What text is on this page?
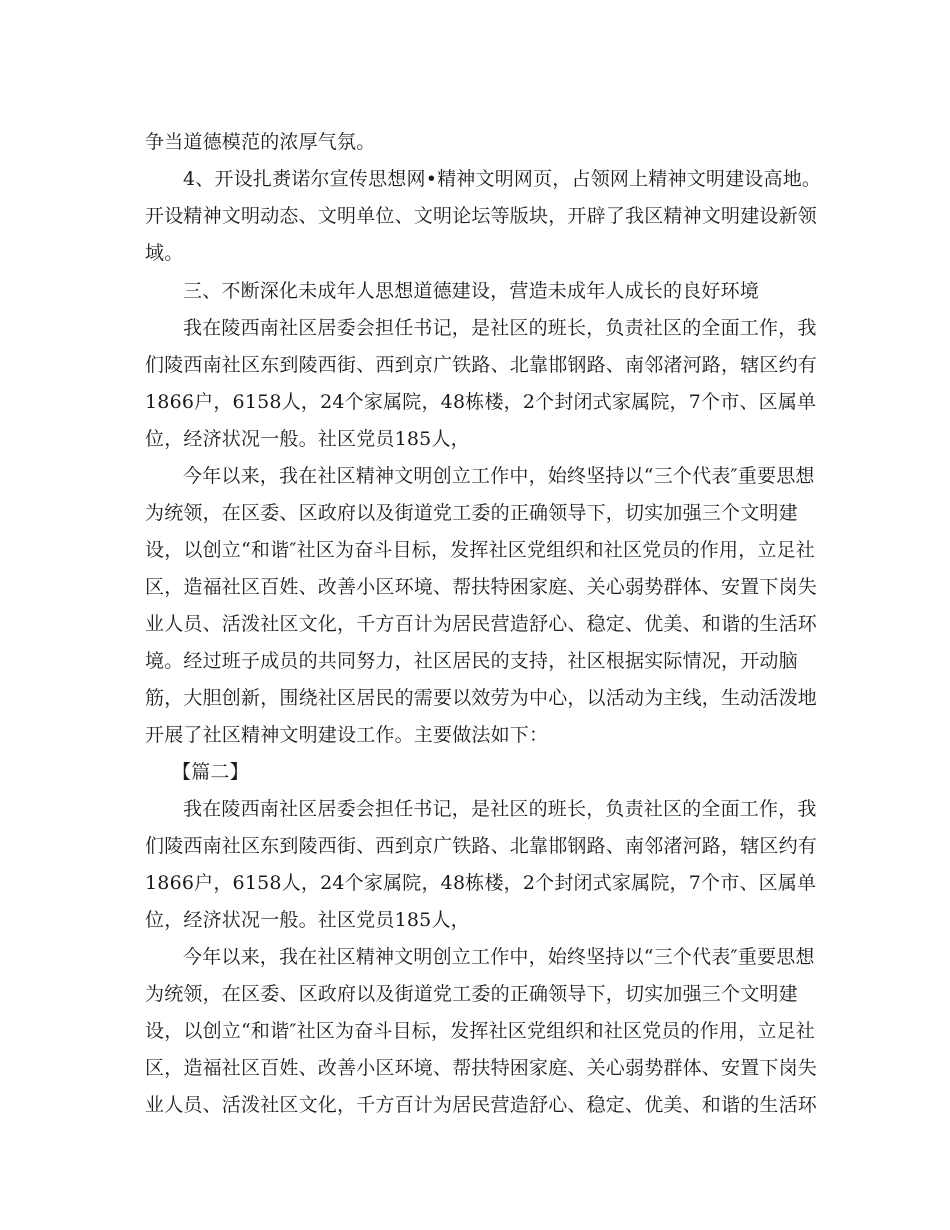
争当道德模范的浓厚气氛。
4、开设扎赉诺尔宣传思想网•精神文明网页，占领网上精神文明建设高地。
开设精神文明动态、文明单位、文明论坛等版块，开辟了我区精神文明建设新领
域。
三、不断深化未成年人思想道德建设，营造未成年人成长的良好环境
我在陵西南社区居委会担任书记，是社区的班长，负责社区的全面工作，我
们陵西南社区东到陵西街、西到京广铁路、北靠邯钢路、南邻渚河路，辖区约有
1866户，6158人，24个家属院，48栋楼，2个封闭式家属院，7个市、区属单
位，经济状况一般。社区党员185人，
今年以来，我在社区精神文明创立工作中，始终坚持以“三个代表″重要思想
为统领，在区委、区政府以及街道党工委的正确领导下，切实加强三个文明建
设，以创立“和谐″社区为奋斗目标，发挥社区党组织和社区党员的作用，立足社
区，造福社区百姓、改善小区环境、帮扶特困家庭、关心弱势群体、安置下岗失
业人员、活泼社区文化，千方百计为居民营造舒心、稳定、优美、和谐的生活环
境。经过班子成员的共同努力，社区居民的支持，社区根据实际情况，开动脑
筋，大胆创新，围绕社区居民的需要以效劳为中心，以活动为主线，生动活泼地
开展了社区精神文明建设工作。主要做法如下：
【篇二】
我在陵西南社区居委会担任书记，是社区的班长，负责社区的全面工作，我
们陵西南社区东到陵西街、西到京广铁路、北靠邯钢路、南邻渚河路，辖区约有
1866户，6158人，24个家属院，48栋楼，2个封闭式家属院，7个市、区属单
位，经济状况一般。社区党员185人，
今年以来，我在社区精神文明创立工作中，始终坚持以“三个代表″重要思想
为统领，在区委、区政府以及街道党工委的正确领导下，切实加强三个文明建
设，以创立“和谐″社区为奋斗目标，发挥社区党组织和社区党员的作用，立足社
区，造福社区百姓、改善小区环境、帮扶特困家庭、关心弱势群体、安置下岗失
业人员、活泼社区文化，千方百计为居民营造舒心、稳定、优美、和谐的生活环
